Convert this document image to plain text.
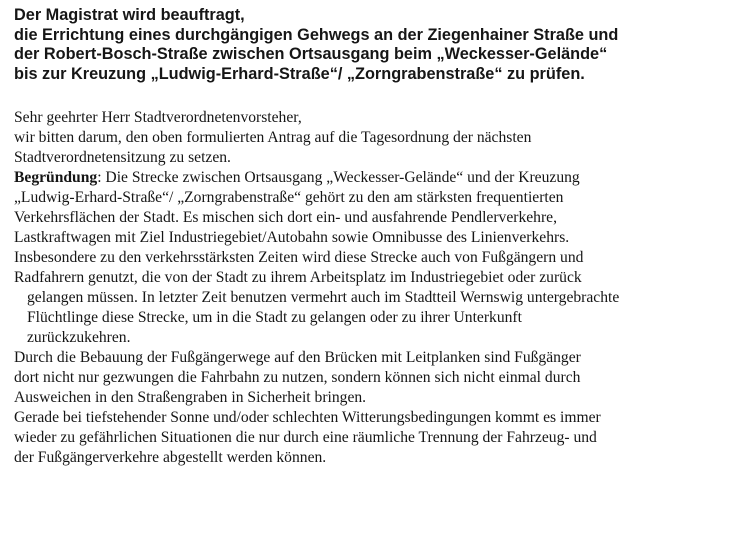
Der Magistrat wird beauftragt,

die Errichtung eines durchgängigen Gehwegs an der Ziegenhainer Straße und

der Robert-Bosch-Straße zwischen Ortsausgang beim „Weckesser-Gelände“

bis zur Kreuzung „Ludwig-Erhard-Straße“/ „Zorngrabenstraße“ zu prüfen.

Sehr geehrter Herr Stadtverordnetenvorsteher,

wir bitten darum, den oben formulierten Antrag auf die Tagesordnung der nächsten

Stadtverordnetensitzung zu setzen.

Begründung: Die Strecke zwischen Ortsausgang „Weckesser-Gelände“ und der Kreuzung

„Ludwig-Erhard-Straße“/ „Zorngrabenstraße“ gehört zu den am stärksten frequentierten

Verkehrsflächen der Stadt. Es mischen sich dort ein- und ausfahrende Pendlerverkehre,

Lastkraftwagen mit Ziel Industriegebiet/Autobahn sowie Omnibusse des Linienverkehrs.

Insbesondere zu den verkehrsstärksten Zeiten wird diese Strecke auch von Fußgängern und

Radfahrern genutzt, die von der Stadt zu ihrem Arbeitsplatz im Industriegebiet oder zurück

gelangen müssen. In letzter Zeit benutzen vermehrt auch im Stadtteil Wernswig untergebrachte

Flüchtlinge diese Strecke, um in die Stadt zu gelangen oder zu ihrer Unterkunft

zurückzukehren.

Durch die Bebauung der Fußgängerwege auf den Brücken mit Leitplanken sind Fußgänger

dort nicht nur gezwungen die Fahrbahn zu nutzen, sondern können sich nicht einmal durch

Ausweichen in den Straßengraben in Sicherheit bringen.

Gerade bei tiefstehender Sonne und/oder schlechten Witterungsbedingungen kommt es immer

wieder zu gefährlichen Situationen die nur durch eine räumliche Trennung der Fahrzeug- und

der Fußgängerverkehre abgestellt werden können.
